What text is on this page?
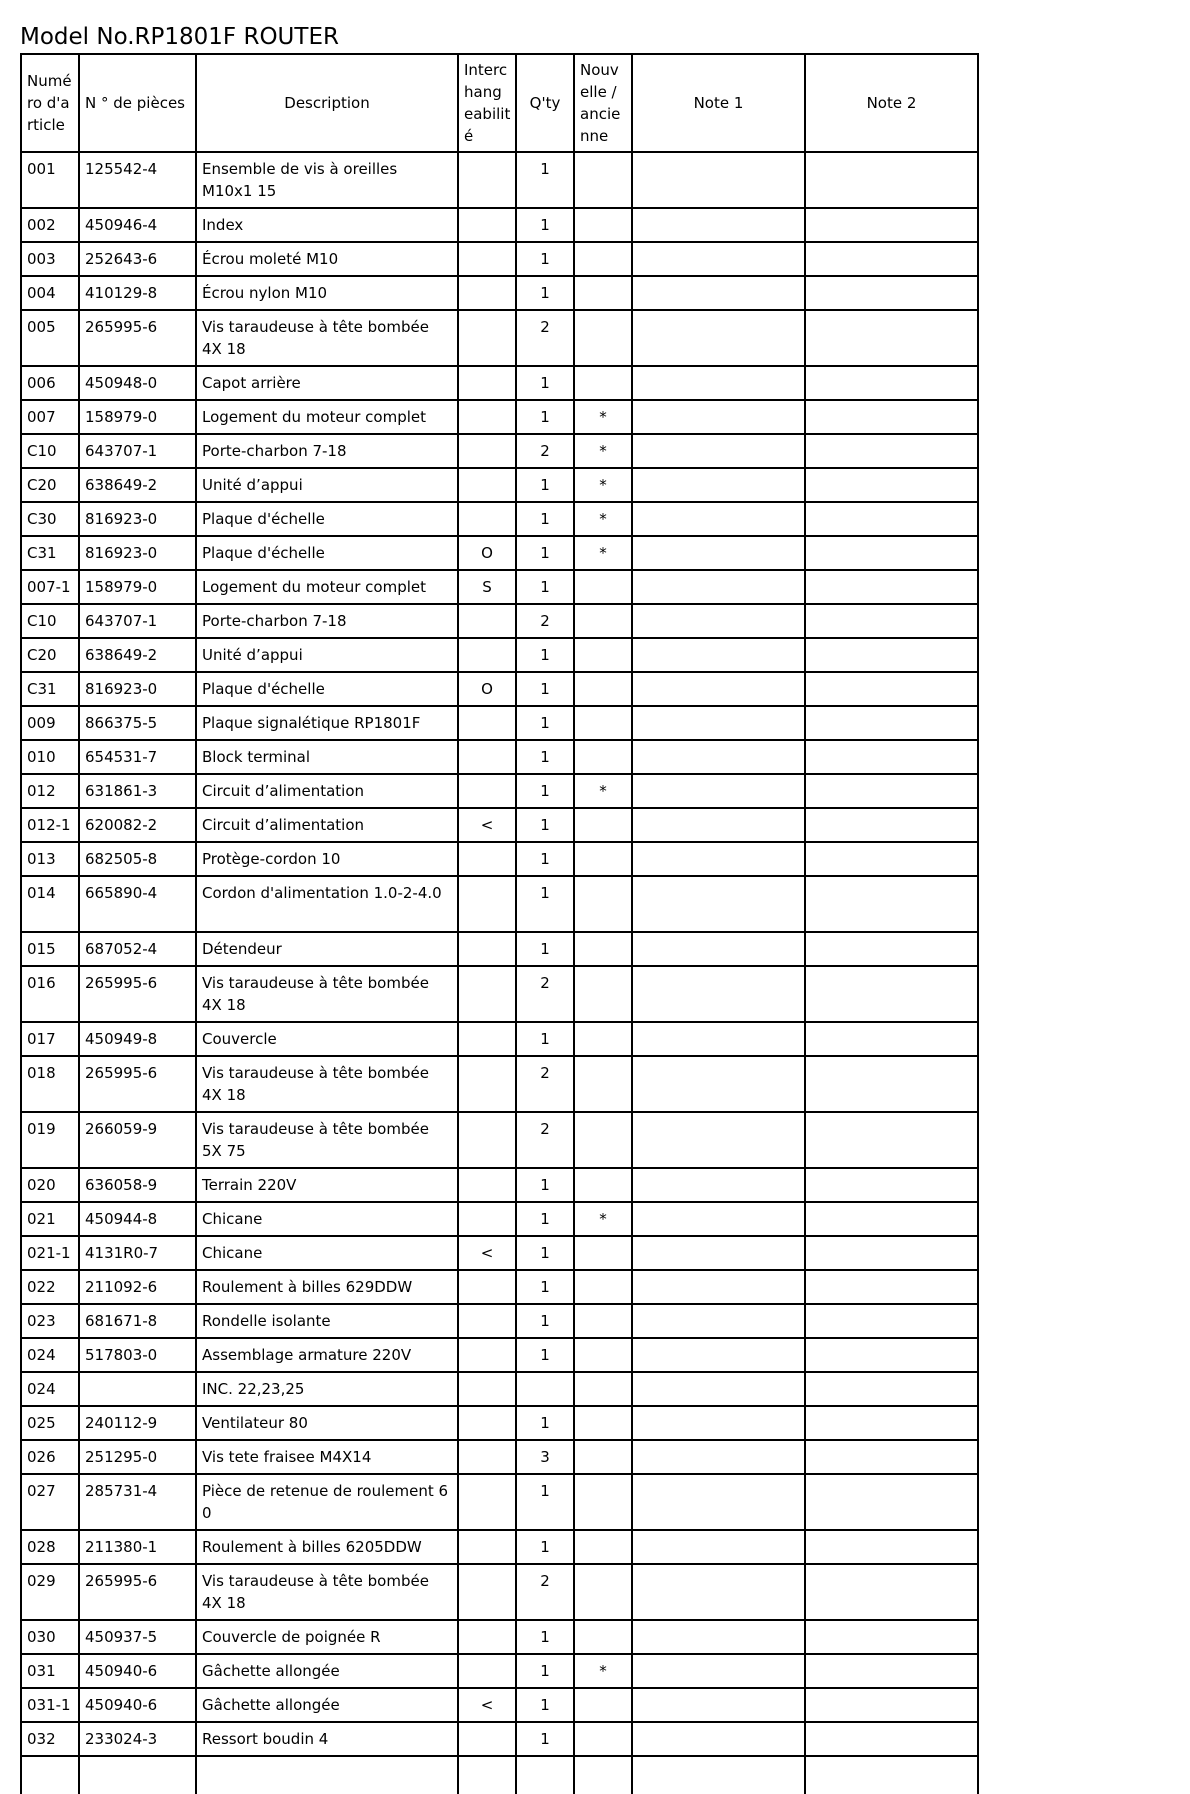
Model No.RP1801F ROUTER
Numé ro d'a rticle	N ° de pièces	Description	Interc hang eabilit é	Q'ty	Nouv elle / ancie nne	Note 1	Note 2
001	125542-4	Ensemble de vis à oreilles M10x1 15		1			
002	450946-4	Index		1			
003	252643-6	Écrou moleté M10		1			
004	410129-8	Écrou nylon M10		1			
005	265995-6	Vis taraudeuse à tête bombée 4X 18		2			
006	450948-0	Capot arrière		1			
007	158979-0	Logement du moteur complet		1	*		
C10	643707-1	Porte-charbon 7-18		2	*		
C20	638649-2	Unité d’appui		1	*		
C30	816923-0	Plaque d'échelle		1	*		
C31	816923-0	Plaque d'échelle	O	1	*		
007-1	158979-0	Logement du moteur complet	S	1			
C10	643707-1	Porte-charbon 7-18		2			
C20	638649-2	Unité d’appui		1			
C31	816923-0	Plaque d'échelle	O	1			
009	866375-5	Plaque signalétique RP1801F		1			
010	654531-7	Block terminal		1			
012	631861-3	Circuit d’alimentation		1	*		
012-1	620082-2	Circuit d’alimentation	<	1			
013	682505-8	Protège-cordon 10		1			
014	665890-4	Cordon d'alimentation 1.0-2-4.0		1			
015	687052-4	Détendeur		1			
016	265995-6	Vis taraudeuse à tête bombée 4X 18		2			
017	450949-8	Couvercle		1			
018	265995-6	Vis taraudeuse à tête bombée 4X 18		2			
019	266059-9	Vis taraudeuse à tête bombée 5X 75		2			
020	636058-9	Terrain 220V		1			
021	450944-8	Chicane		1	*		
021-1	4131R0-7	Chicane	<	1			
022	211092-6	Roulement à billes 629DDW		1			
023	681671-8	Rondelle isolante		1			
024	517803-0	Assemblage armature 220V		1			
024		INC. 22,23,25					
025	240112-9	Ventilateur 80		1			
026	251295-0	Vis tete fraisee M4X14		3			
027	285731-4	Pièce de retenue de roulement 6 0		1			
028	211380-1	Roulement à billes 6205DDW		1			
029	265995-6	Vis taraudeuse à tête bombée 4X 18		2			
030	450937-5	Couvercle de poignée R		1			
031	450940-6	Gâchette allongée		1	*		
031-1	450940-6	Gâchette allongée	<	1			
032	233024-3	Ressort boudin 4		1			
